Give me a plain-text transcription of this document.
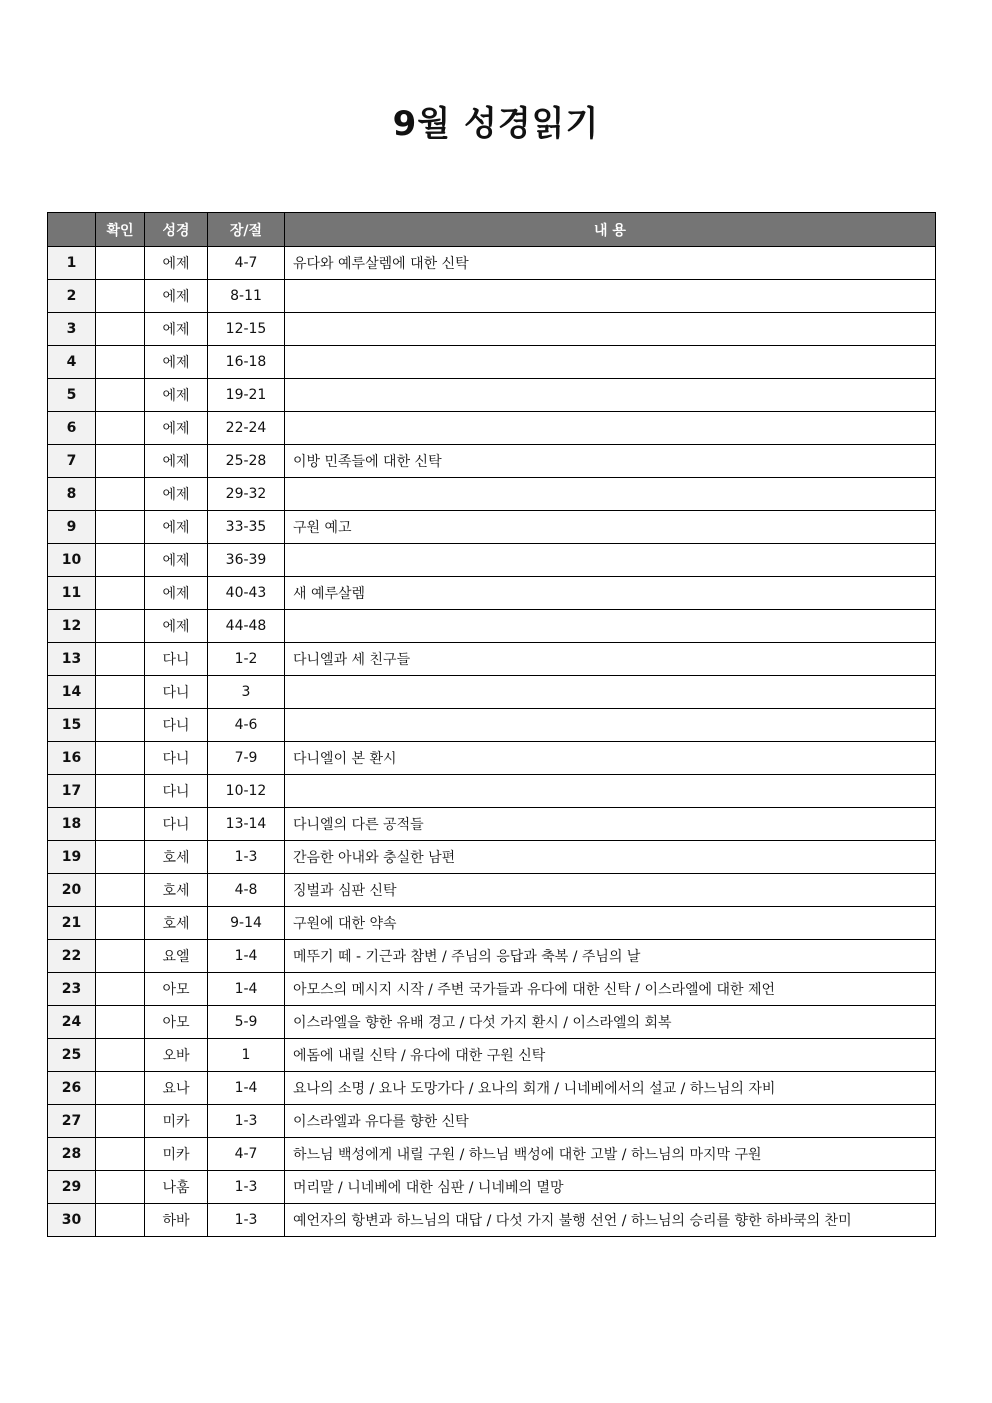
9월 성경읽기
	확인	성경	장/절	내 용
1		에제	4-7	유다와 예루살렘에 대한 신탁
2		에제	8-11	
3		에제	12-15	
4		에제	16-18	
5		에제	19-21	
6		에제	22-24	
7		에제	25-28	이방 민족들에 대한 신탁
8		에제	29-32	
9		에제	33-35	구원 예고
10		에제	36-39	
11		에제	40-43	새 예루살렘
12		에제	44-48	
13		다니	1-2	다니엘과 세 친구들
14		다니	3	
15		다니	4-6	
16		다니	7-9	다니엘이 본 환시
17		다니	10-12	
18		다니	13-14	다니엘의 다른 공적들
19		호세	1-3	간음한 아내와 충실한 남편
20		호세	4-8	징벌과 심판 신탁
21		호세	9-14	구원에 대한 약속
22		요엘	1-4	메뚜기 떼 - 기근과 참변 / 주님의 응답과 축복 / 주님의 날
23		아모	1-4	아모스의 메시지 시작 / 주변 국가들과 유다에 대한 신탁 / 이스라엘에 대한 제언
24		아모	5-9	이스라엘을 향한 유배 경고 / 다섯 가지 환시 / 이스라엘의 회복
25		오바	1	에돔에 내릴 신탁 / 유다에 대한 구원 신탁
26		요나	1-4	요나의 소명 / 요나 도망가다 / 요나의 회개 / 니네베에서의 설교 / 하느님의 자비
27		미카	1-3	이스라엘과 유다를 향한 신탁
28		미카	4-7	하느님 백성에게 내릴 구원 / 하느님 백성에 대한 고발 / 하느님의 마지막 구원
29		나훔	1-3	머리말 / 니네베에 대한 심판 / 니네베의 멸망
30		하바	1-3	예언자의 항변과 하느님의 대답 / 다섯 가지 불행 선언 / 하느님의 승리를 향한 하바쿡의 찬미
